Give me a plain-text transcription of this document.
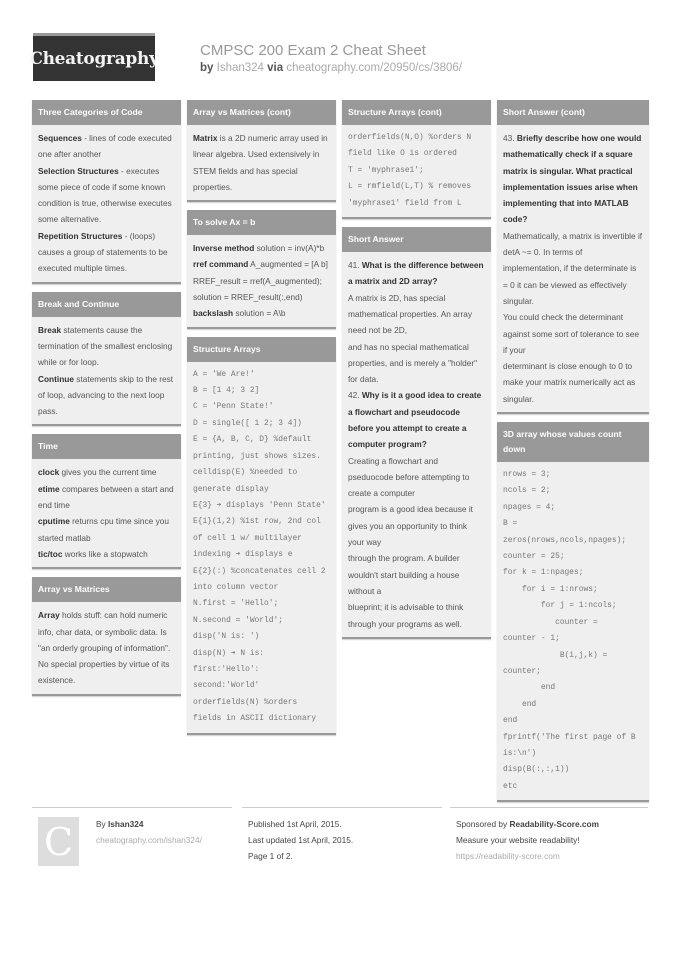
Cheatography	CMPSC 200 Exam 2 Cheat Sheet
by Ishan324 via cheatography.com/20950/cs/3806/
Three Categories of Code
Sequences - lines of code executed one after another
Selection Structures - executes some piece of code if some known condition is true, otherwise executes some alternative.
Repetition Structures - (loops) causes a group of statements to be executed multiple times.
Break and Continue
Break statements cause the termination of the smallest enclosing while or for loop.
Continue statements skip to the rest of loop, advancing to the next loop pass.
Time
clock gives you the current time
etime compares between a start and end time
cputime returns cpu time since you started matlab
tic/toc works like a stopwatch
Array vs Matrices
Array holds stuff: can hold numeric info, char data, or symbolic data. Is "an orderly grouping of information". No special properties by virtue of its existence.
Array vs Matrices (cont)
Matrix is a 2D numeric array used in linear algebra. Used extensively in STEM fields and has special properties.
To solve Ax = b
Inverse method solution = inv(A)*b
rref command A_augmented = [A b]
RREF_result = rref(A_augmented);
solution = RREF_result(:,end)
backslash solution = A\b
Structure Arrays
A = 'We Are!'
B = [1 4; 3 2]
C = 'Penn State!'
D = single([ 1 2; 3 4])
E = {A, B, C, D} %default printing, just shows sizes.
celldisp(E) %needed to generate display
E{3} ➔ displays 'Penn State'
E{1}(1,2) %1st row, 2nd col of cell 1 w/ multilayer indexing ➔ displays e
E{2}(:) %concatenates cell 2 into column vector
N.first = 'Hello';
N.second = 'World';
disp('N is: ')
disp(N) ➔ N is:
first:'Hello':
second:'World'
orderfields(N) %orders fields in ASCII dictionary
Structure Arrays (cont)
orderfields(N,O) %orders N field like O is ordered
T = 'myphrase1';
L = rmfield(L,T) % removes 'myphrase1' field from L
Short Answer
41. What is the difference between a matrix and 2D array?
A matrix is 2D, has special mathematical properties. An array need not be 2D,
and has no special mathematical properties, and is merely a "holder" for data.
42. Why is it a good idea to create a flowchart and pseudocode before you attempt to create a computer program?
Creating a flowchart and pseduocode before attempting to create a computer
program is a good idea because it gives you an opportunity to think your way
through the program. A builder wouldn't start building a house without a
blueprint; it is advisable to think through your programs as well.
Short Answer (cont)
43. Briefly describe how one would mathematically check if a square matrix is singular. What practical implementation issues arise when implementing that into MATLAB code?
Mathematically, a matrix is invertible if detA ~= 0. In terms of implementation, if the determinate is = 0 it can be viewed as effectively singular.
You could check the determinant against some sort of tolerance to see if your
determinant is close enough to 0 to make your matrix numerically act as singular.
3D array whose values count down
nrows = 3;
ncols = 2;
npages = 4;
B =
zeros(nrows,ncols,npages);
counter = 25;
for k = 1:npages;
for i = 1:nrows;
for j = 1:ncols;
counter =
counter - 1;
B(i,j,k) =
counter;
end
end
end
fprintf('The first page of B is:\n')
disp(B(:,:,1))
etc
C	By Ishan324
cheatography.com/ishan324/
Published 1st April, 2015.
Last updated 1st April, 2015.
Page 1 of 2.
Sponsored by Readability-Score.com
Measure your website readability!
https://readability-score.com
